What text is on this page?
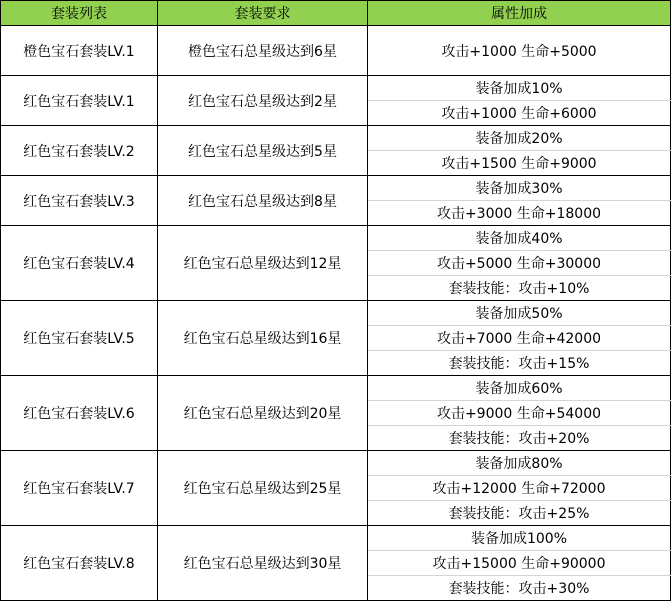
套装列表	套装要求	属性加成
橙色宝石套装LV.1	橙色宝石总星级达到6星	攻击+1000 生命+5000
红色宝石套装LV.1	红色宝石总星级达到2星	装备加成10%
		攻击+1000 生命+6000
红色宝石套装LV.2	红色宝石总星级达到5星	装备加成20%
		攻击+1500 生命+9000
红色宝石套装LV.3	红色宝石总星级达到8星	装备加成30%
		攻击+3000 生命+18000
红色宝石套装LV.4	红色宝石总星级达到12星	装备加成40%
		攻击+5000 生命+30000
		套装技能：攻击+10%
红色宝石套装LV.5	红色宝石总星级达到16星	装备加成50%
		攻击+7000 生命+42000
		套装技能：攻击+15%
红色宝石套装LV.6	红色宝石总星级达到20星	装备加成60%
		攻击+9000 生命+54000
		套装技能：攻击+20%
红色宝石套装LV.7	红色宝石总星级达到25星	装备加成80%
		攻击+12000 生命+72000
		套装技能：攻击+25%
红色宝石套装LV.8	红色宝石总星级达到30星	装备加成100%
		攻击+15000 生命+90000
		套装技能：攻击+30%
